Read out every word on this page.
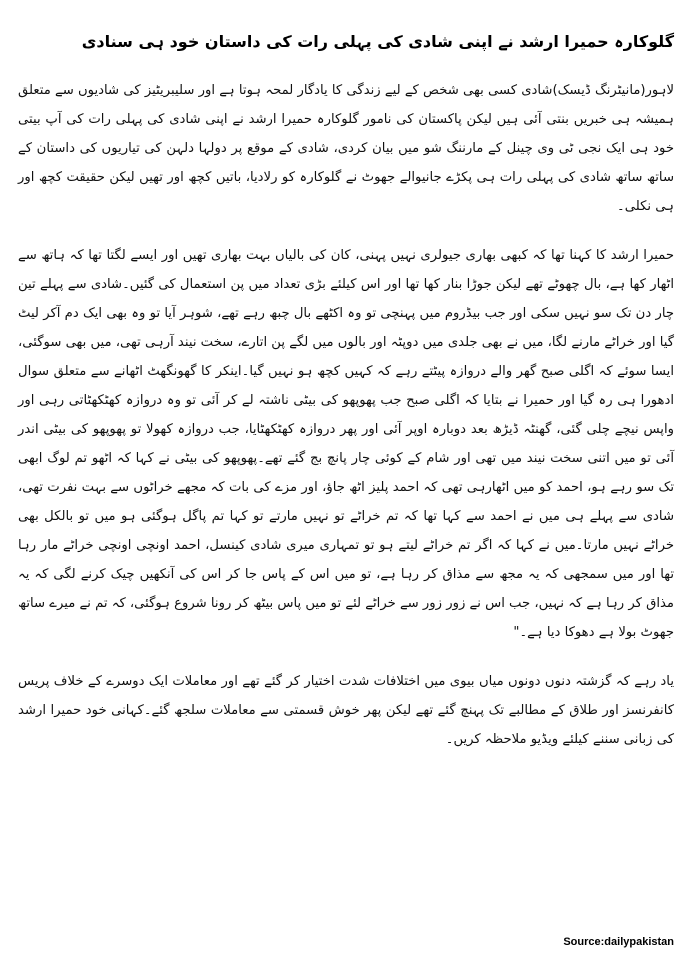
گلوکارہ حمیرا ارشد نے اپنی شادی کی پہلی رات کی داستان خود ہی سنادی

لاہور(مانیٹرنگ ڈیسک)شادی کسی بھی شخص کے لیے زندگی کا یادگار لمحہ ہوتا ہے اور سلیبریٹیز کی شادیوں سے متعلق ہمیشہ ہی خبریں بنتی آئی ہیں لیکن پاکستان کی نامور گلوکارہ حمیرا ارشد نے اپنی شادی کی پہلی رات کی آپ بیتی خود ہی ایک نجی ٹی وی چینل کے مارننگ شو میں بیان کردی، شادی کے موقع پر دولہا دلہن کی تیاریوں کی داستان کے ساتھ ساتھ شادی کی پہلی رات ہی پکڑے جانیوالے جھوٹ نے گلوکارہ کو رلادیا، باتیں کچھ اور تھیں لیکن حقیقت کچھ اور ہی نکلی۔

حمیرا ارشد کا کہنا تھا کہ کبھی بھاری جیولری نہیں پہنی، کان کی بالیاں بہت بھاری تھیں اور ایسے لگتا تھا کہ ہاتھ سے اٹھار کھا ہے، بال چھوٹے تھے لیکن جوڑا بنار کھا تھا اور اس کیلئے بڑی تعداد میں پن استعمال کی گئیں۔شادی سے پہلے تین چار دن تک سو نہیں سکی اور جب بیڈروم میں پہنچی تو وہ اکٹھے بال چبھ رہے تھے، شوہر آیا تو وہ بھی ایک دم آکر لیٹ گیا اور خراٹے مارنے لگا، میں نے بھی جلدی میں دوپٹہ اور بالوں میں لگے پن اتارے، سخت نیند آرہی تھی، میں بھی سوگئی، ایسا سوئے کہ اگلی صبح گھر والے دروازہ پیٹتے رہے کہ کہیں کچھ ہو نہیں گیا۔اینکر کا گھونگھٹ اٹھانے سے متعلق سوال ادھورا ہی رہ گیا اور حمیرا نے بتایا کہ اگلی صبح جب پھوپھو کی بیٹی ناشتہ لے کر آئی تو وہ دروازہ کھٹکھٹاتی رہی اور واپس نیچے چلی گئی، گھنٹہ ڈیڑھ بعد دوبارہ اوپر آئی اور پھر دروازہ کھٹکھٹایا، جب دروازہ کھولا تو پھوپھو کی بیٹی اندر آئی تو میں اتنی سخت نیند میں تھی اور شام کے کوئی چار پانچ بج گئے تھے۔پھوپھو کی بیٹی نے کہا کہ اٹھو تم لوگ ابھی تک سو رہے ہو، احمد کو میں اٹھارہی تھی کہ احمد پلیز اٹھ جاؤ، اور مزے کی بات کہ مجھے خراٹوں سے بہت نفرت تھی، شادی سے پہلے ہی میں نے احمد سے کہا تھا کہ تم خراٹے تو نہیں مارتے تو کہا تم پاگل ہوگئی ہو میں تو بالکل بھی خراٹے نہیں مارتا۔میں نے کہا کہ اگر تم خراٹے لیتے ہو تو تمہاری میری شادی کینسل، احمد اونچی اونچی خراٹے مار رہا تھا اور میں سمجھی کہ یہ مجھ سے مذاق کر رہا ہے، تو میں اس کے پاس جا کر اس کی آنکھیں چیک کرنے لگی کہ یہ مذاق کر رہا ہے کہ نہیں، جب اس نے زور زور سے خراٹے لئے تو میں پاس بیٹھ کر رونا شروع ہوگئی، کہ تم نے میرے ساتھ جھوٹ بولا ہے دھوکا دیا ہے۔"

یاد رہے کہ گزشتہ دنوں دونوں میاں بیوی میں اختلافات شدت اختیار کر گئے تھے اور معاملات ایک دوسرے کے خلاف پریس کانفرنسز اور طلاق کے مطالبے تک پہنچ گئے تھے لیکن پھر خوش قسمتی سے معاملات سلجھ گئے۔کہانی خود حمیرا ارشد کی زبانی سننے کیلئے ویڈیو ملاحظہ کریں۔

Source:dailypakistan
